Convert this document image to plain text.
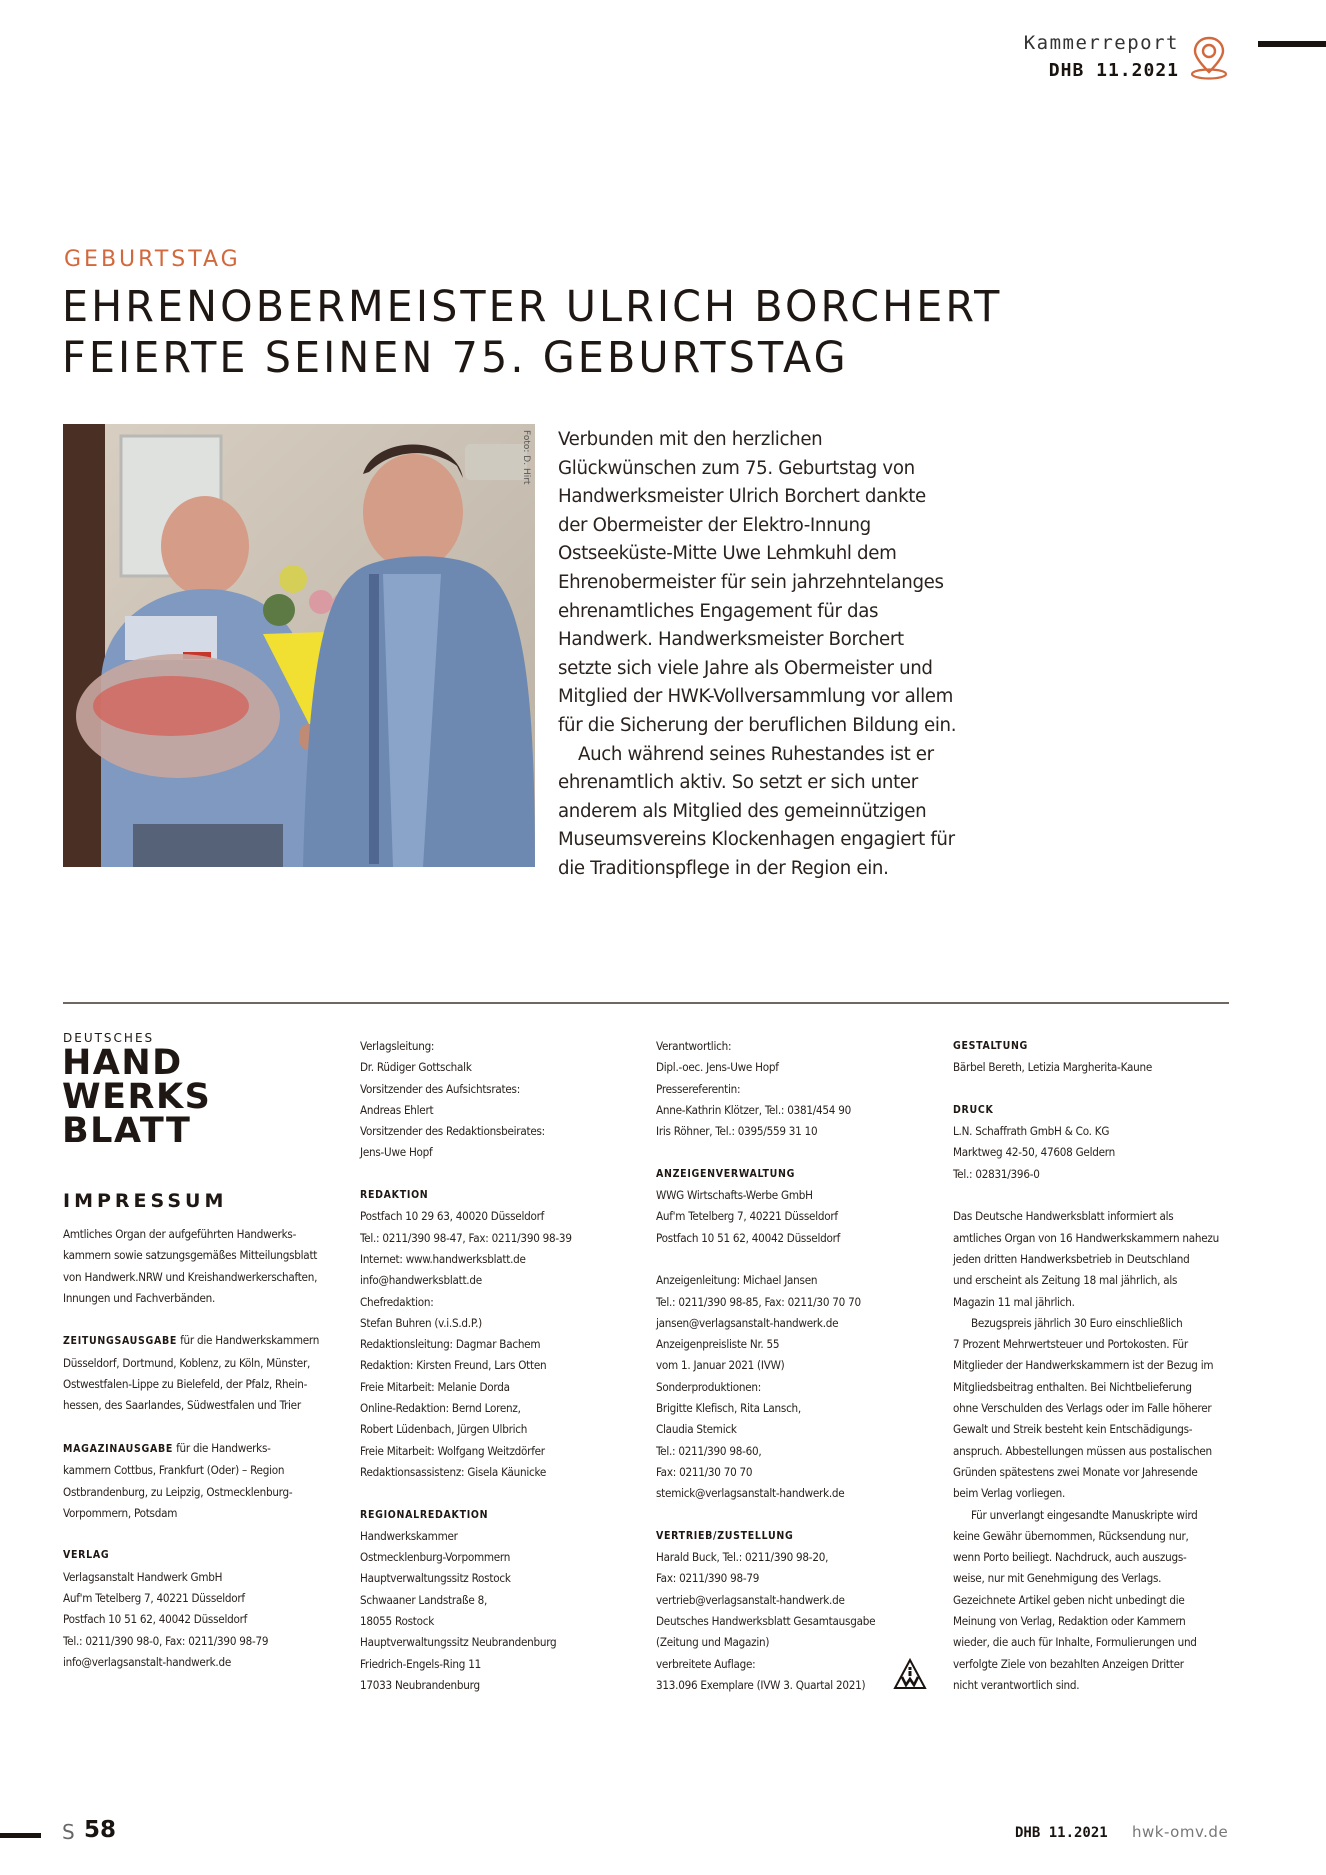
Kammerreport
DHB 11.2021
GEBURTSTAG
EHRENOBERMEISTER ULRICH BORCHERT
FEIERTE SEINEN 75. GEBURTSTAG
Foto: D. Hirt Verbunden mit den herzlichen Glückwünschen zum 75. Geburtstag von Handwerksmeister Ulrich Borchert dankte der Obermeister der Elektro-Innung Ostseeküste-Mitte Uwe Lehmkuhl dem Ehrenobermeister für sein jahrzehntelanges ehrenamtliches Engagement für das Handwerk. Handwerksmeister Borchert setzte sich viele Jahre als Obermeister und Mitglied der HWK-Vollversammlung vor allem für die Sicherung der beruflichen Bildung ein.

Auch während seines Ruhestandes ist er ehrenamtlich aktiv. So setzt er sich unter anderem als Mitglied des gemeinnützigen Museumsvereins Klockenhagen engagiert für die Traditionspflege in der Region ein.

DEUTSCHES
HAND
WERKS
BLATT
IMPRESSUM

Amtliches Organ der aufgeführten Handwerks-

kammern sowie satzungsgemäßes Mitteilungsblatt

von Handwerk.NRW und Kreishandwerkerschaften,

Innungen und Fachverbänden.

ZEITUNGSAUSGABE für die Handwerkskammern

Düsseldorf, Dortmund, Koblenz, zu Köln, Münster,

Ostwestfalen-Lippe zu Bielefeld, der Pfalz, Rhein-

hessen, des Saarlandes, Südwestfalen und Trier

MAGAZINAUSGABE für die Handwerks-

kammern Cottbus, Frankfurt (Oder) – Region

Ostbrandenburg, zu Leipzig, Ostmecklenburg-

Vorpommern, Potsdam

VERLAG

Verlagsanstalt Handwerk GmbH

Auf'm Tetelberg 7, 40221 Düsseldorf

Postfach 10 51 62, 40042 Düsseldorf

Tel.: 0211/390 98-0, Fax: 0211/390 98-79

info@verlagsanstalt-handwerk.de

Verlagsleitung:

Dr. Rüdiger Gottschalk

Vorsitzender des Aufsichtsrates:

Andreas Ehlert

Vorsitzender des Redaktionsbeirates:

Jens-Uwe Hopf

REDAKTION

Postfach 10 29 63, 40020 Düsseldorf

Tel.: 0211/390 98-47, Fax: 0211/390 98-39

Internet: www.handwerksblatt.de

info@handwerksblatt.de

Chefredaktion:

Stefan Buhren (v.i.S.d.P.)

Redaktionsleitung: Dagmar Bachem

Redaktion: Kirsten Freund, Lars Otten

Freie Mitarbeit: Melanie Dorda

Online-Redaktion: Bernd Lorenz,

Robert Lüdenbach, Jürgen Ulbrich

Freie Mitarbeit: Wolfgang Weitzdörfer

Redaktionsassistenz: Gisela Käunicke

REGIONALREDAKTION

Handwerkskammer

Ostmecklenburg-Vorpommern

Hauptverwaltungssitz Rostock

Schwaaner Landstraße 8,

18055 Rostock

Hauptverwaltungssitz Neubrandenburg

Friedrich-Engels-Ring 11

17033 Neubrandenburg

Verantwortlich:

Dipl.-oec. Jens-Uwe Hopf

Pressereferentin:

Anne-Kathrin Klötzer, Tel.: 0381/454 90

Iris Röhner, Tel.: 0395/559 31 10

ANZEIGENVERWALTUNG

WWG Wirtschafts-Werbe GmbH

Auf'm Tetelberg 7, 40221 Düsseldorf

Postfach 10 51 62, 40042 Düsseldorf

Anzeigenleitung: Michael Jansen

Tel.: 0211/390 98-85, Fax: 0211/30 70 70

jansen@verlagsanstalt-handwerk.de

Anzeigenpreisliste Nr. 55

vom 1. Januar 2021 (IVW)

Sonderproduktionen:

Brigitte Klefisch, Rita Lansch,

Claudia Stemick

Tel.: 0211/390 98-60,

Fax: 0211/30 70 70

stemick@verlagsanstalt-handwerk.de

VERTRIEB/ZUSTELLUNG

Harald Buck, Tel.: 0211/390 98-20,

Fax: 0211/390 98-79

vertrieb@verlagsanstalt-handwerk.de

Deutsches Handwerksblatt Gesamtausgabe

(Zeitung und Magazin)

verbreitete Auflage:

313.096 Exemplare (IVW 3. Quartal 2021)

GESTALTUNG

Bärbel Bereth, Letizia Margherita-Kaune

DRUCK

L.N. Schaffrath GmbH & Co. KG

Marktweg 42-50, 47608 Geldern

Tel.: 02831/396-0

Das Deutsche Handwerksblatt informiert als

amtliches Organ von 16 Handwerkskammern nahezu

jeden dritten Handwerksbetrieb in Deutschland

und erscheint als Zeitung 18 mal jährlich, als

Magazin 11 mal jährlich.

Bezugspreis jährlich 30 Euro einschließlich

7 Prozent Mehrwertsteuer und Portokosten. Für

Mitglieder der Handwerkskammern ist der Bezug im

Mitgliedsbeitrag enthalten. Bei Nichtbelieferung

ohne Verschulden des Verlags oder im Falle höherer

Gewalt und Streik besteht kein Entschädigungs-

anspruch. Abbestellungen müssen aus postalischen

Gründen spätestens zwei Monate vor Jahresende

beim Verlag vorliegen.

Für unverlangt eingesandte Manuskripte wird

keine Gewähr übernommen, Rücksendung nur,

wenn Porto beiliegt. Nachdruck, auch auszugs-

weise, nur mit Genehmigung des Verlags.

Gezeichnete Artikel geben nicht unbedingt die

Meinung von Verlag, Redaktion oder Kammern

wieder, die auch für Inhalte, Formulierungen und

verfolgte Ziele von bezahlten Anzeigen Dritter

nicht verantwortlich sind.

S 58	DHB 11.2021 hwk-omv.de
